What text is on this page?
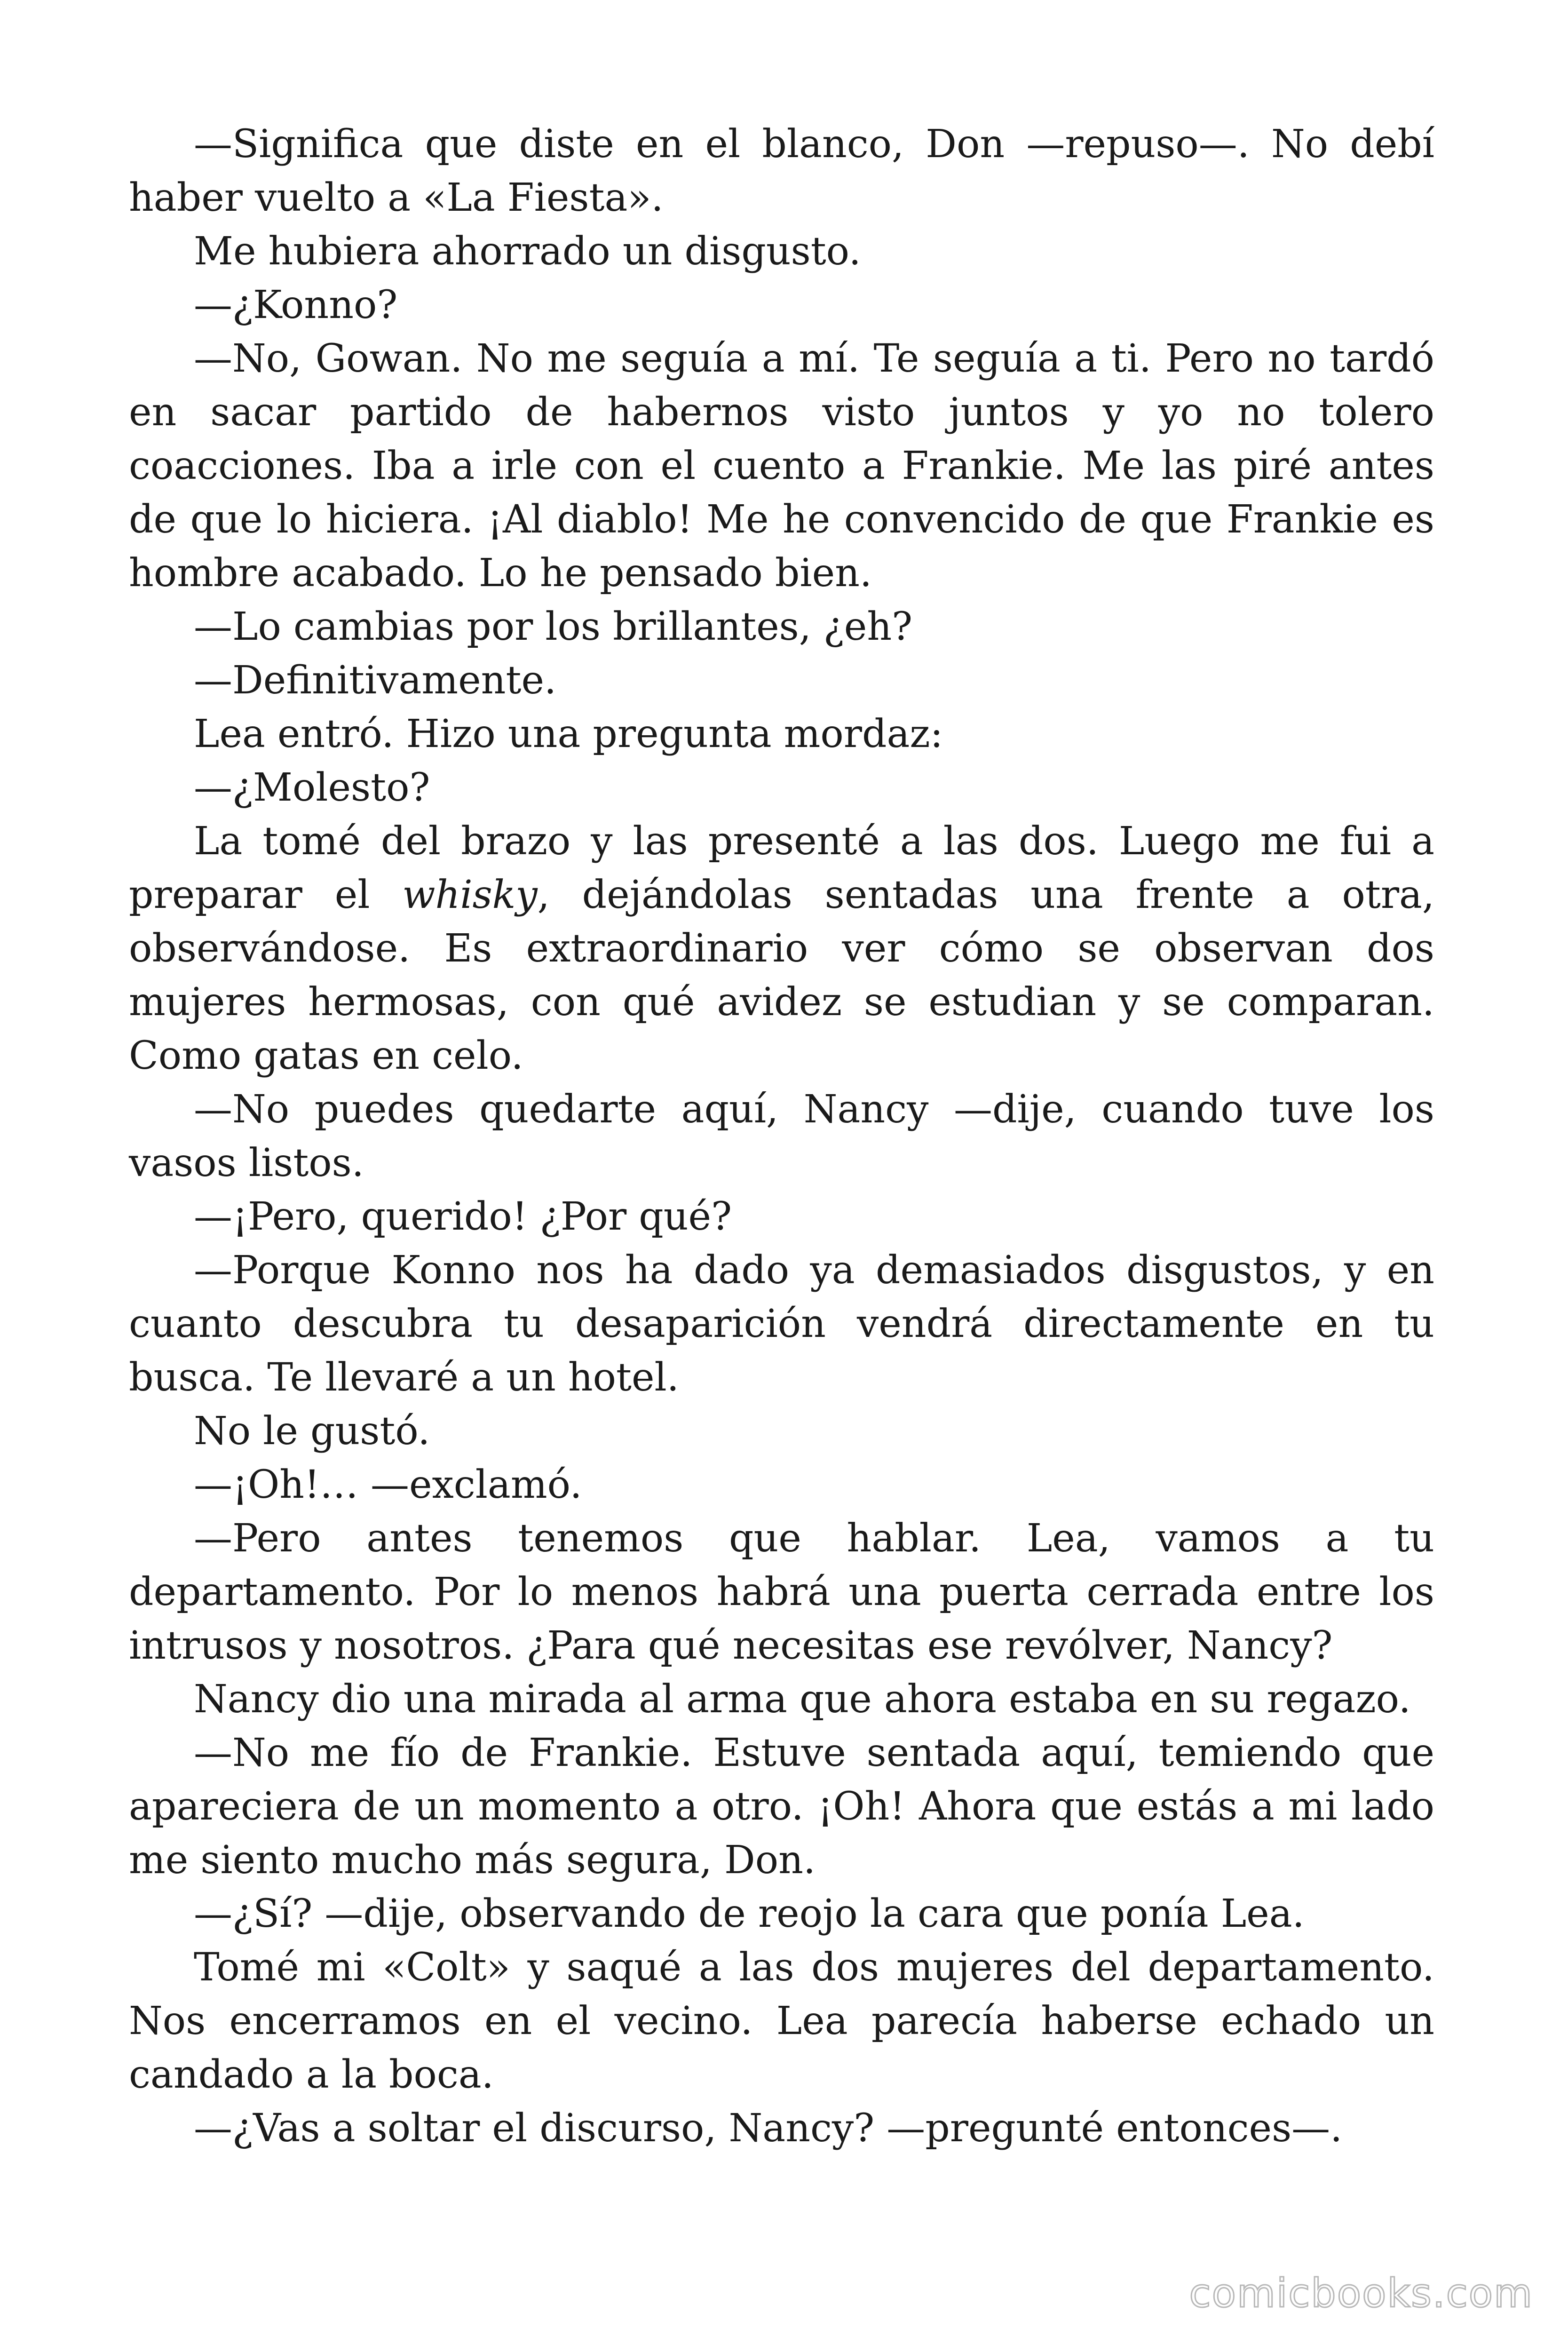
—Significa que diste en el blanco, Don —repuso—. No debí haber vuelto a «La Fiesta».

Me hubiera ahorrado un disgusto.

—¿Konno?

—No, Gowan. No me seguía a mí. Te seguía a ti. Pero no tardó en sacar partido de habernos visto juntos y yo no tolero coacciones. Iba a irle con el cuento a Frankie. Me las piré antes de que lo hiciera. ¡Al diablo! Me he convencido de que Frankie es hombre acabado. Lo he pensado bien.

—Lo cambias por los brillantes, ¿eh?

—Definitivamente.

Lea entró. Hizo una pregunta mordaz:

—¿Molesto?

La tomé del brazo y las presenté a las dos. Luego me fui a preparar el whisky, dejándolas sentadas una frente a otra, observándose. Es extraordinario ver cómo se observan dos mujeres hermosas, con qué avidez se estudian y se comparan. Como gatas en celo.

—No puedes quedarte aquí, Nancy —dije, cuando tuve los vasos listos.

—¡Pero, querido! ¿Por qué?

—Porque Konno nos ha dado ya demasiados disgustos, y en cuanto descubra tu desaparición vendrá directamente en tu busca. Te llevaré a un hotel.

No le gustó.

—¡Oh!… —exclamó.

—Pero antes tenemos que hablar. Lea, vamos a tu departamento. Por lo menos habrá una puerta cerrada entre los intrusos y nosotros. ¿Para qué necesitas ese revólver, Nancy?

Nancy dio una mirada al arma que ahora estaba en su regazo.

—No me fío de Frankie. Estuve sentada aquí, temiendo que apareciera de un momento a otro. ¡Oh! Ahora que estás a mi lado me siento mucho más segura, Don.

—¿Sí? —dije, observando de reojo la cara que ponía Lea.

Tomé mi «Colt» y saqué a las dos mujeres del departamento. Nos encerramos en el vecino. Lea parecía haberse echado un candado a la boca.

—¿Vas a soltar el discurso, Nancy? —pregunté entonces—.

comicbooks.com
